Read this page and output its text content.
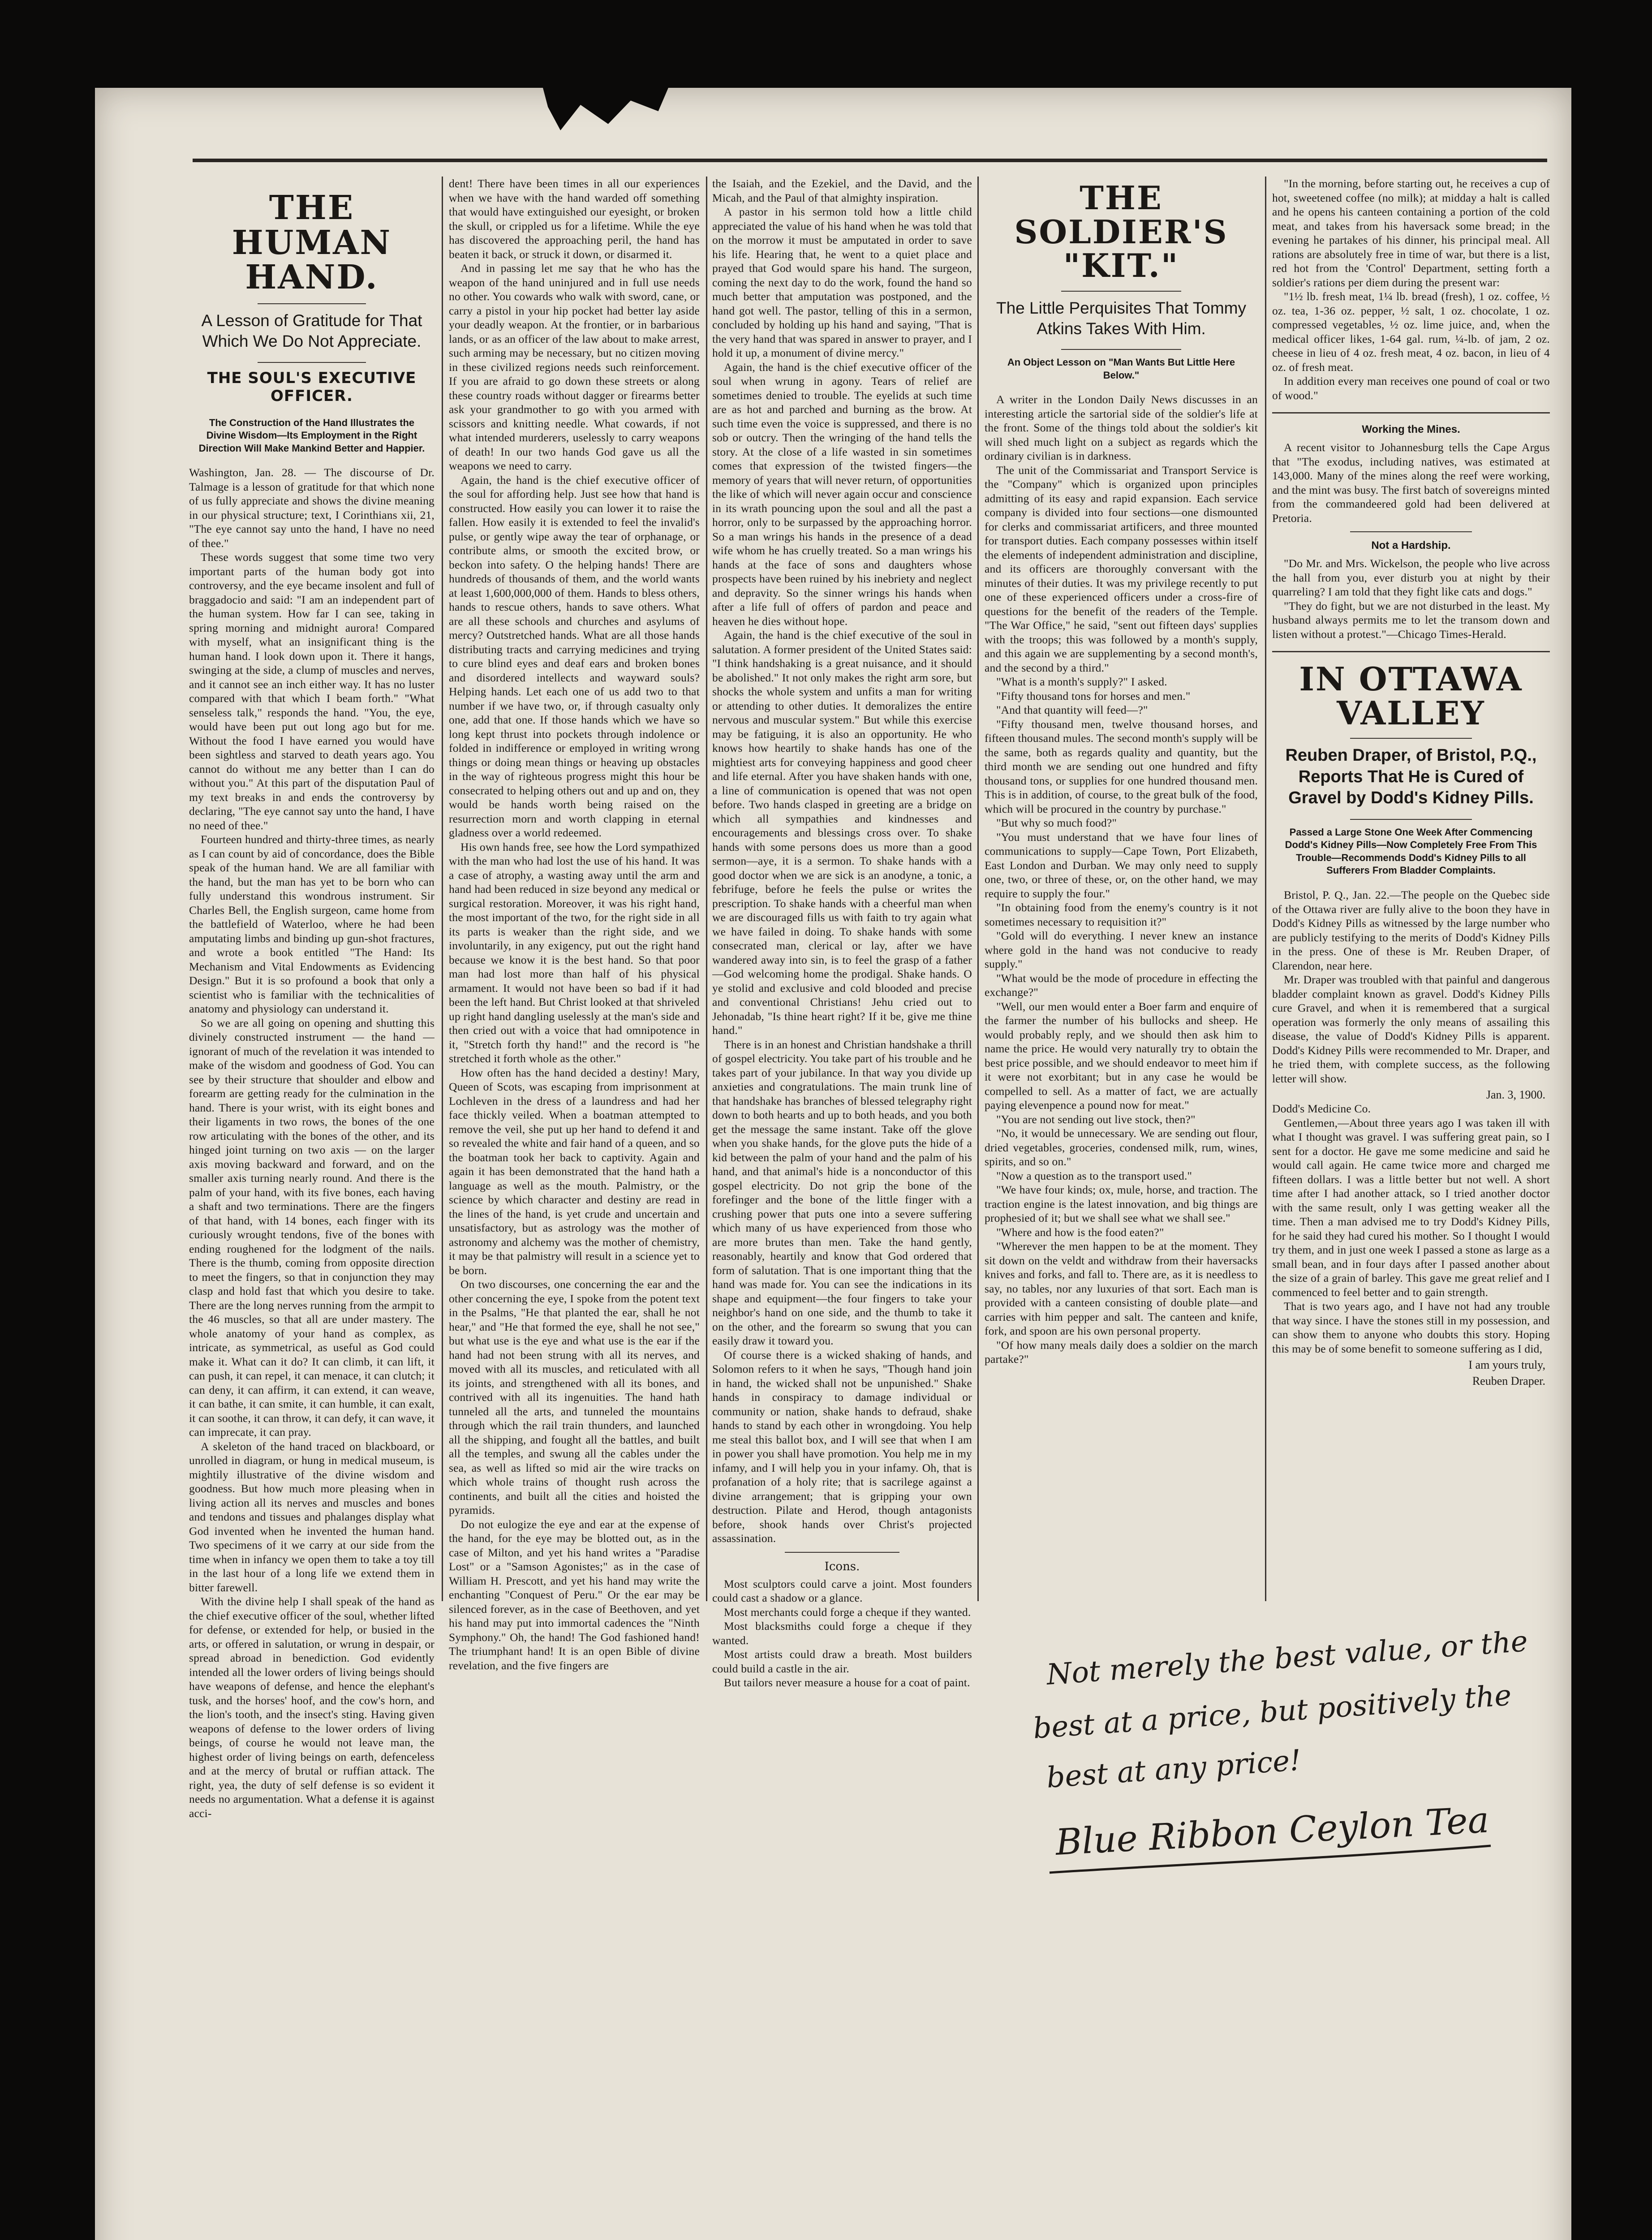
THE HUMAN HAND.

A Lesson of Gratitude for That Which We Do Not Appreciate.

THE SOUL'S EXECUTIVE OFFICER.

The Construction of the Hand Illustrates the Divine Wisdom—Its Employment in the Right Direction Will Make Mankind Better and Happier.

Washington, Jan. 28. — The discourse of Dr. Talmage is a lesson of gratitude for that which none of us fully appreciate and shows the divine meaning in our physical structure; text, I Corinthians xii, 21, "The eye cannot say unto the hand, I have no need of thee."

These words suggest that some time two very important parts of the human body got into controversy, and the eye became insolent and full of braggadocio and said: "I am an independent part of the human system. How far I can see, taking in spring morning and midnight aurora! Compared with myself, what an insignificant thing is the human hand. I look down upon it. There it hangs, swinging at the side, a clump of muscles and nerves, and it cannot see an inch either way. It has no luster compared with that which I beam forth." "What senseless talk," responds the hand. "You, the eye, would have been put out long ago but for me. Without the food I have earned you would have been sightless and starved to death years ago. You cannot do without me any better than I can do without you." At this part of the disputation Paul of my text breaks in and ends the controversy by declaring, "The eye cannot say unto the hand, I have no need of thee."

Fourteen hundred and thirty-three times, as nearly as I can count by aid of concordance, does the Bible speak of the human hand. We are all familiar with the hand, but the man has yet to be born who can fully understand this wondrous instrument. Sir Charles Bell, the English surgeon, came home from the battlefield of Waterloo, where he had been amputating limbs and binding up gun-shot fractures, and wrote a book entitled "The Hand: Its Mechanism and Vital Endowments as Evidencing Design." But it is so profound a book that only a scientist who is familiar with the technicalities of anatomy and physiology can understand it.

So we are all going on opening and shutting this divinely constructed instrument — the hand — ignorant of much of the revelation it was intended to make of the wisdom and goodness of God. You can see by their structure that shoulder and elbow and forearm are getting ready for the culmination in the hand. There is your wrist, with its eight bones and their ligaments in two rows, the bones of the one row articulating with the bones of the other, and its hinged joint turning on two axis — on the larger axis moving backward and forward, and on the smaller axis turning nearly round. And there is the palm of your hand, with its five bones, each having a shaft and two terminations. There are the fingers of that hand, with 14 bones, each finger with its curiously wrought tendons, five of the bones with ending roughened for the lodgment of the nails. There is the thumb, coming from opposite direction to meet the fingers, so that in conjunction they may clasp and hold fast that which you desire to take. There are the long nerves running from the armpit to the 46 muscles, so that all are under mastery. The whole anatomy of your hand as complex, as intricate, as symmetrical, as useful as God could make it. What can it do? It can climb, it can lift, it can push, it can repel, it can menace, it can clutch; it can deny, it can affirm, it can extend, it can weave, it can bathe, it can smite, it can humble, it can exalt, it can soothe, it can throw, it can defy, it can wave, it can imprecate, it can pray.

A skeleton of the hand traced on blackboard, or unrolled in diagram, or hung in medical museum, is mightily illustrative of the divine wisdom and goodness. But how much more pleasing when in living action all its nerves and muscles and bones and tendons and tissues and phalanges display what God invented when he invented the human hand. Two specimens of it we carry at our side from the time when in infancy we open them to take a toy till in the last hour of a long life we extend them in bitter farewell.

With the divine help I shall speak of the hand as the chief executive officer of the soul, whether lifted for defense, or extended for help, or busied in the arts, or offered in salutation, or wrung in despair, or spread abroad in benediction. God evidently intended all the lower orders of living beings should have weapons of defense, and hence the elephant's tusk, and the horses' hoof, and the cow's horn, and the lion's tooth, and the insect's sting. Having given weapons of defense to the lower orders of living beings, of course he would not leave man, the highest order of living beings on earth, defenceless and at the mercy of brutal or ruffian attack. The right, yea, the duty of self defense is so evident it needs no argumentation. What a defense it is against acci-

dent! There have been times in all our experiences when we have with the hand warded off something that would have extinguished our eyesight, or broken the skull, or crippled us for a lifetime. While the eye has discovered the approaching peril, the hand has beaten it back, or struck it down, or disarmed it.

And in passing let me say that he who has the weapon of the hand uninjured and in full use needs no other. You cowards who walk with sword, cane, or carry a pistol in your hip pocket had better lay aside your deadly weapon. At the frontier, or in barbarious lands, or as an officer of the law about to make arrest, such arming may be necessary, but no citizen moving in these civilized regions needs such reinforcement. If you are afraid to go down these streets or along these country roads without dagger or firearms better ask your grandmother to go with you armed with scissors and knitting needle. What cowards, if not what intended murderers, uselessly to carry weapons of death! In our two hands God gave us all the weapons we need to carry.

Again, the hand is the chief executive officer of the soul for affording help. Just see how that hand is constructed. How easily you can lower it to raise the fallen. How easily it is extended to feel the invalid's pulse, or gently wipe away the tear of orphanage, or contribute alms, or smooth the excited brow, or beckon into safety. O the helping hands! There are hundreds of thousands of them, and the world wants at least 1,600,000,000 of them. Hands to bless others, hands to rescue others, hands to save others. What are all these schools and churches and asylums of mercy? Outstretched hands. What are all those hands distributing tracts and carrying medicines and trying to cure blind eyes and deaf ears and broken bones and disordered intellects and wayward souls? Helping hands. Let each one of us add two to that number if we have two, or, if through casualty only one, add that one. If those hands which we have so long kept thrust into pockets through indolence or folded in indifference or employed in writing wrong things or doing mean things or heaving up obstacles in the way of righteous progress might this hour be consecrated to helping others out and up and on, they would be hands worth being raised on the resurrection morn and worth clapping in eternal gladness over a world redeemed.

His own hands free, see how the Lord sympathized with the man who had lost the use of his hand. It was a case of atrophy, a wasting away until the arm and hand had been reduced in size beyond any medical or surgical restoration. Moreover, it was his right hand, the most important of the two, for the right side in all its parts is weaker than the right side, and we involuntarily, in any exigency, put out the right hand because we know it is the best hand. So that poor man had lost more than half of his physical armament. It would not have been so bad if it had been the left hand. But Christ looked at that shriveled up right hand dangling uselessly at the man's side and then cried out with a voice that had omnipotence in it, "Stretch forth thy hand!" and the record is "he stretched it forth whole as the other."

How often has the hand decided a destiny! Mary, Queen of Scots, was escaping from imprisonment at Lochleven in the dress of a laundress and had her face thickly veiled. When a boatman attempted to remove the veil, she put up her hand to defend it and so revealed the white and fair hand of a queen, and so the boatman took her back to captivity. Again and again it has been demonstrated that the hand hath a language as well as the mouth. Palmistry, or the science by which character and destiny are read in the lines of the hand, is yet crude and uncertain and unsatisfactory, but as astrology was the mother of astronomy and alchemy was the mother of chemistry, it may be that palmistry will result in a science yet to be born.

On two discourses, one concerning the ear and the other concerning the eye, I spoke from the potent text in the Psalms, "He that planted the ear, shall he not hear," and "He that formed the eye, shall he not see," but what use is the eye and what use is the ear if the hand had not been strung with all its nerves, and moved with all its muscles, and reticulated with all its joints, and strengthened with all its bones, and contrived with all its ingenuities. The hand hath tunneled all the arts, and tunneled the mountains through which the rail train thunders, and launched all the shipping, and fought all the battles, and built all the temples, and swung all the cables under the sea, as well as lifted so mid air the wire tracks on which whole trains of thought rush across the continents, and built all the cities and hoisted the pyramids.

Do not eulogize the eye and ear at the expense of the hand, for the eye may be blotted out, as in the case of Milton, and yet his hand writes a "Paradise Lost" or a "Samson Agonistes;" as in the case of William H. Prescott, and yet his hand may write the enchanting "Conquest of Peru." Or the ear may be silenced forever, as in the case of Beethoven, and yet his hand may put into immortal cadences the "Ninth Symphony." Oh, the hand! The God fashioned hand! The triumphant hand! It is an open Bible of divine revelation, and the five fingers are

the Isaiah, and the Ezekiel, and the David, and the Micah, and the Paul of that almighty inspiration.

A pastor in his sermon told how a little child appreciated the value of his hand when he was told that on the morrow it must be amputated in order to save his life. Hearing that, he went to a quiet place and prayed that God would spare his hand. The surgeon, coming the next day to do the work, found the hand so much better that amputation was postponed, and the hand got well. The pastor, telling of this in a sermon, concluded by holding up his hand and saying, "That is the very hand that was spared in answer to prayer, and I hold it up, a monument of divine mercy."

Again, the hand is the chief executive officer of the soul when wrung in agony. Tears of relief are sometimes denied to trouble. The eyelids at such time are as hot and parched and burning as the brow. At such time even the voice is suppressed, and there is no sob or outcry. Then the wringing of the hand tells the story. At the close of a life wasted in sin sometimes comes that expression of the twisted fingers—the memory of years that will never return, of opportunities the like of which will never again occur and conscience in its wrath pouncing upon the soul and all the past a horror, only to be surpassed by the approaching horror. So a man wrings his hands in the presence of a dead wife whom he has cruelly treated. So a man wrings his hands at the face of sons and daughters whose prospects have been ruined by his inebriety and neglect and depravity. So the sinner wrings his hands when after a life full of offers of pardon and peace and heaven he dies without hope.

Again, the hand is the chief executive of the soul in salutation. A former president of the United States said: "I think handshaking is a great nuisance, and it should be abolished." It not only makes the right arm sore, but shocks the whole system and unfits a man for writing or attending to other duties. It demoralizes the entire nervous and muscular system." But while this exercise may be fatiguing, it is also an opportunity. He who knows how heartily to shake hands has one of the mightiest arts for conveying happiness and good cheer and life eternal. After you have shaken hands with one, a line of communication is opened that was not open before. Two hands clasped in greeting are a bridge on which all sympathies and kindnesses and encouragements and blessings cross over. To shake hands with some persons does us more than a good sermon—aye, it is a sermon. To shake hands with a good doctor when we are sick is an anodyne, a tonic, a febrifuge, before he feels the pulse or writes the prescription. To shake hands with a cheerful man when we are discouraged fills us with faith to try again what we have failed in doing. To shake hands with some consecrated man, clerical or lay, after we have wandered away into sin, is to feel the grasp of a father—God welcoming home the prodigal. Shake hands. O ye stolid and exclusive and cold blooded and precise and conventional Christians! Jehu cried out to Jehonadab, "Is thine heart right? If it be, give me thine hand."

There is in an honest and Christian handshake a thrill of gospel electricity. You take part of his trouble and he takes part of your jubilance. In that way you divide up anxieties and congratulations. The main trunk line of that handshake has branches of blessed telegraphy right down to both hearts and up to both heads, and you both get the message the same instant. Take off the glove when you shake hands, for the glove puts the hide of a kid between the palm of your hand and the palm of his hand, and that animal's hide is a nonconductor of this gospel electricity. Do not grip the bone of the forefinger and the bone of the little finger with a crushing power that puts one into a severe suffering which many of us have experienced from those who are more brutes than men. Take the hand gently, reasonably, heartily and know that God ordered that form of salutation. That is one important thing that the hand was made for. You can see the indications in its shape and equipment—the four fingers to take your neighbor's hand on one side, and the thumb to take it on the other, and the forearm so swung that you can easily draw it toward you.

Of course there is a wicked shaking of hands, and Solomon refers to it when he says, "Though hand join in hand, the wicked shall not be unpunished." Shake hands in conspiracy to damage individual or community or nation, shake hands to defraud, shake hands to stand by each other in wrongdoing. You help me steal this ballot box, and I will see that when I am in power you shall have promotion. You help me in my infamy, and I will help you in your infamy. Oh, that is profanation of a holy rite; that is sacrilege against a divine arrangement; that is gripping your own destruction. Pilate and Herod, though antagonists before, shook hands over Christ's projected assassination.

Icons.

Most sculptors could carve a joint. Most founders could cast a shadow or a glance.

Most merchants could forge a cheque if they wanted.

Most blacksmiths could forge a cheque if they wanted.

Most artists could draw a breath. Most builders could build a castle in the air.

But tailors never measure a house for a coat of paint.

THE SOLDIER'S "KIT."

The Little Perquisites That Tommy Atkins Takes With Him.

An Object Lesson on "Man Wants But Little Here Below."

A writer in the London Daily News discusses in an interesting article the sartorial side of the soldier's life at the front. Some of the things told about the soldier's kit will shed much light on a subject as regards which the ordinary civilian is in darkness.

The unit of the Commissariat and Transport Service is the "Company" which is organized upon principles admitting of its easy and rapid expansion. Each service company is divided into four sections—one dismounted for clerks and commissariat artificers, and three mounted for transport duties. Each company possesses within itself the elements of independent administration and discipline, and its officers are thoroughly conversant with the minutes of their duties. It was my privilege recently to put one of these experienced officers under a cross-fire of questions for the benefit of the readers of the Temple. "The War Office," he said, "sent out fifteen days' supplies with the troops; this was followed by a month's supply, and this again we are supplementing by a second month's, and the second by a third."

"What is a month's supply?" I asked.

"Fifty thousand tons for horses and men."

"And that quantity will feed—?"

"Fifty thousand men, twelve thousand horses, and fifteen thousand mules. The second month's supply will be the same, both as regards quality and quantity, but the third month we are sending out one hundred and fifty thousand tons, or supplies for one hundred thousand men. This is in addition, of course, to the great bulk of the food, which will be procured in the country by purchase."

"But why so much food?"

"You must understand that we have four lines of communications to supply—Cape Town, Port Elizabeth, East London and Durban. We may only need to supply one, two, or three of these, or, on the other hand, we may require to supply the four."

"In obtaining food from the enemy's country is it not sometimes necessary to requisition it?"

"Gold will do everything. I never knew an instance where gold in the hand was not conducive to ready supply."

"What would be the mode of procedure in effecting the exchange?"

"Well, our men would enter a Boer farm and enquire of the farmer the number of his bullocks and sheep. He would probably reply, and we should then ask him to name the price. He would very naturally try to obtain the best price possible, and we should endeavor to meet him if it were not exorbitant; but in any case he would be compelled to sell. As a matter of fact, we are actually paying elevenpence a pound now for meat."

"You are not sending out live stock, then?"

"No, it would be unnecessary. We are sending out flour, dried vegetables, groceries, condensed milk, rum, wines, spirits, and so on."

"Now a question as to the transport used."

"We have four kinds; ox, mule, horse, and traction. The traction engine is the latest innovation, and big things are prophesied of it; but we shall see what we shall see."

"Where and how is the food eaten?"

"Wherever the men happen to be at the moment. They sit down on the veldt and withdraw from their haversacks knives and forks, and fall to. There are, as it is needless to say, no tables, nor any luxuries of that sort. Each man is provided with a canteen consisting of double plate—and carries with him pepper and salt. The canteen and knife, fork, and spoon are his own personal property.

"Of how many meals daily does a soldier on the march partake?"

"In the morning, before starting out, he receives a cup of hot, sweetened coffee (no milk); at midday a halt is called and he opens his canteen containing a portion of the cold meat, and takes from his haversack some bread; in the evening he partakes of his dinner, his principal meal. All rations are absolutely free in time of war, but there is a list, red hot from the 'Control' Department, setting forth a soldier's rations per diem during the present war:

"1½ lb. fresh meat, 1¼ lb. bread (fresh), 1 oz. coffee, ½ oz. tea, 1-36 oz. pepper, ½ salt, 1 oz. chocolate, 1 oz. compressed vegetables, ½ oz. lime juice, and, when the medical officer likes, 1-64 gal. rum, ¼-lb. of jam, 2 oz. cheese in lieu of 4 oz. fresh meat, 4 oz. bacon, in lieu of 4 oz. of fresh meat.

In addition every man receives one pound of coal or two of wood."

Working the Mines.

A recent visitor to Johannesburg tells the Cape Argus that "The exodus, including natives, was estimated at 143,000. Many of the mines along the reef were working, and the mint was busy. The first batch of sovereigns minted from the commandeered gold had been delivered at Pretoria.

Not a Hardship.

"Do Mr. and Mrs. Wickelson, the people who live across the hall from you, ever disturb you at night by their quarreling? I am told that they fight like cats and dogs."

"They do fight, but we are not disturbed in the least. My husband always permits me to let the transom down and listen without a protest."—Chicago Times-Herald.

IN OTTAWA VALLEY

Reuben Draper, of Bristol, P.Q., Reports That He is Cured of Gravel by Dodd's Kidney Pills.

Passed a Large Stone One Week After Commencing Dodd's Kidney Pills—Now Completely Free From This Trouble—Recommends Dodd's Kidney Pills to all Sufferers From Bladder Complaints.

Bristol, P. Q., Jan. 22.—The people on the Quebec side of the Ottawa river are fully alive to the boon they have in Dodd's Kidney Pills as witnessed by the large number who are publicly testifying to the merits of Dodd's Kidney Pills in the press. One of these is Mr. Reuben Draper, of Clarendon, near here.

Mr. Draper was troubled with that painful and dangerous bladder complaint known as gravel. Dodd's Kidney Pills cure Gravel, and when it is remembered that a surgical operation was formerly the only means of assailing this disease, the value of Dodd's Kidney Pills is apparent. Dodd's Kidney Pills were recommended to Mr. Draper, and he tried them, with complete success, as the following letter will show.

Jan. 3, 1900.

Dodd's Medicine Co.

Gentlemen,—About three years ago I was taken ill with what I thought was gravel. I was suffering great pain, so I sent for a doctor. He gave me some medicine and said he would call again. He came twice more and charged me fifteen dollars. I was a little better but not well. A short time after I had another attack, so I tried another doctor with the same result, only I was getting weaker all the time. Then a man advised me to try Dodd's Kidney Pills, for he said they had cured his mother. So I thought I would try them, and in just one week I passed a stone as large as a small bean, and in four days after I passed another about the size of a grain of barley. This gave me great relief and I commenced to feel better and to gain strength.

That is two years ago, and I have not had any trouble that way since. I have the stones still in my possession, and can show them to anyone who doubts this story. Hoping this may be of some benefit to someone suffering as I did,

I am yours truly,

Reuben Draper.

Not merely the best value, or the
best at a price, but positively the
best at any price!
Blue Ribbon Ceylon Tea
